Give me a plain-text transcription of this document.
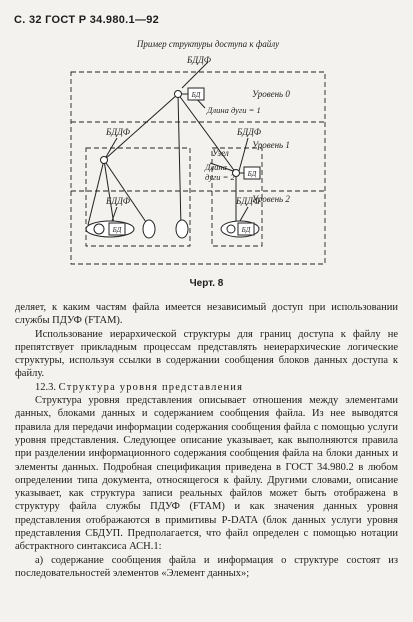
С. 32 ГОСТ Р 34.980.1—92
Пример структуры доступа к файлу
БДДФ
БД	Уровень 0
Длина дуги = 1
БДДФ	БДДФ
Уровень 1
Узел
Длина
дуги = 2 БД
Уровень 2
БДДФ	БДДФ
БД	БД
Черт. 8

деляет, к каким частям файла имеется независимый доступ при использовании службы ПДУФ (FTAM).

Использование иерархической структуры для границ доступа к файлу не препятствует прикладным процессам представлять неиерархические логические структуры, используя ссылки в содержании сообщения блоков данных доступа к файлу.

12.3. Структура уровня представления

Структура уровня представления описывает отношения между элементами данных, блоками данных и содержанием сообщения файла. Из нее выводятся правила для передачи информации содержания сообщения файла с помощью услуги уровня представления. Следующее описание указывает, как выполняются правила при разделении информационного содержания сообщения файла на блоки данных и элементы данных. Подробная спецификация приведена в ГОСТ 34.980.2 в любом определении типа документа, относящегося к файлу. Другими словами, описание указывает, как структура записи реальных файлов может быть отображена в структуру файла службы ПДУФ (FTAM) и как значения данных уровня представления отображаются в примитивы P-DATA (блок данных услуги уровня представления СБДУП. Предполагается, что файл определен с помощью нотации абстрактного синтаксиса АСН.1:

а) содержание сообщения файла и информация о структуре состоят из последовательностей элементов «Элемент данных»;
